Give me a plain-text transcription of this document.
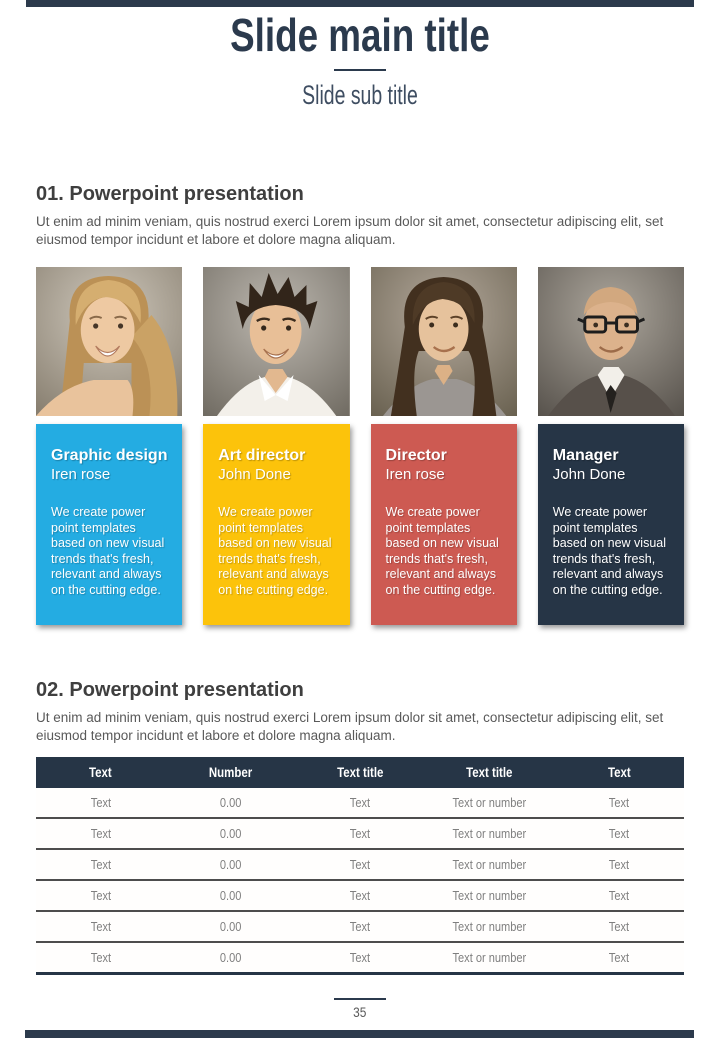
Slide main title
Slide sub title
01. Powerpoint presentation

Ut enim ad minim veniam, quis nostrud exerci Lorem ipsum dolor sit amet, consectetur adipiscing elit, set eiusmod tempor incidunt et labore et dolore magna aliquam.

Graphic design
Iren rose

We create power point templates based on new visual trends that's fresh, relevant and always on the cutting edge.

Art director
John Done

We create power point templates based on new visual trends that's fresh, relevant and always on the cutting edge.

Director
Iren rose

We create power point templates based on new visual trends that's fresh, relevant and always on the cutting edge.

Manager
John Done

We create power point templates based on new visual trends that's fresh, relevant and always on the cutting edge.

02. Powerpoint presentation

Ut enim ad minim veniam, quis nostrud exerci Lorem ipsum dolor sit amet, consectetur adipiscing elit, set eiusmod tempor incidunt et labore et dolore magna aliquam.

Text	Number	Text title	Text title	Text
Text	0.00	Text	Text or number	Text
Text	0.00	Text	Text or number	Text
Text	0.00	Text	Text or number	Text
Text	0.00	Text	Text or number	Text
Text	0.00	Text	Text or number	Text
Text	0.00	Text	Text or number	Text
35
